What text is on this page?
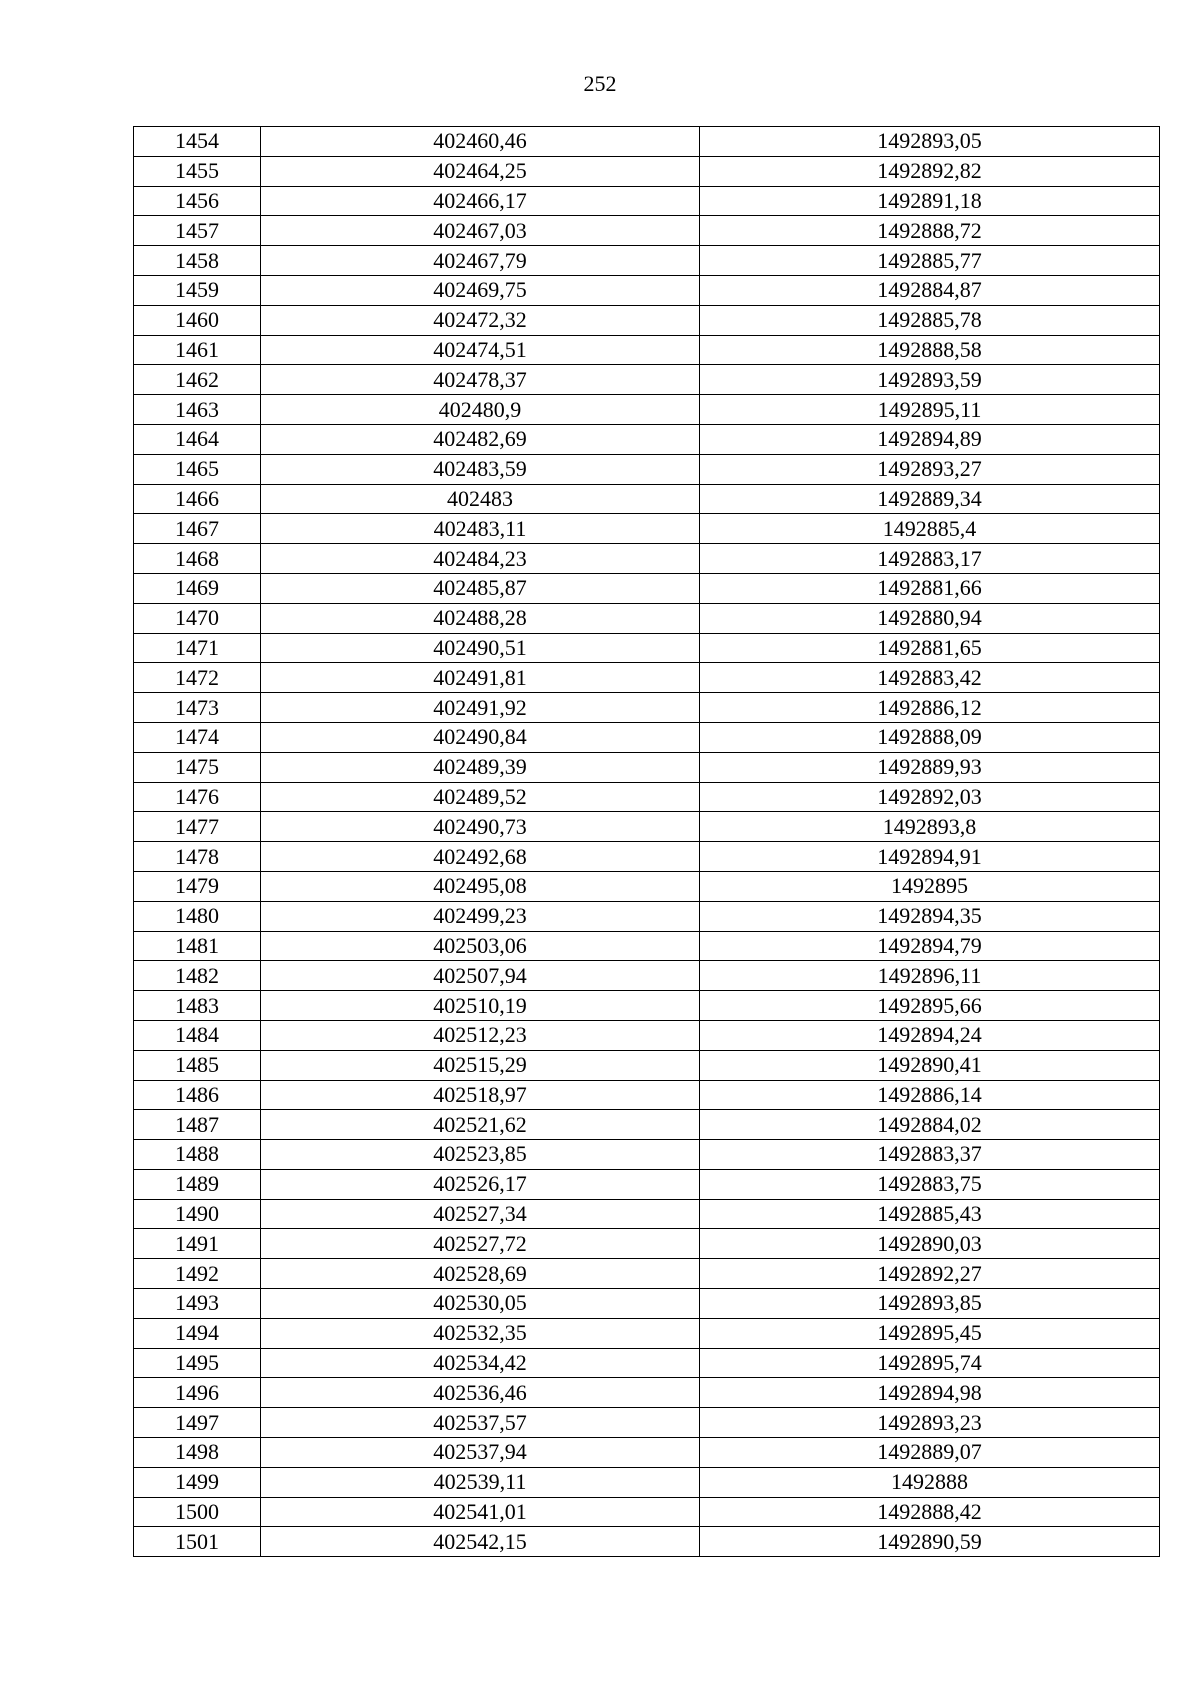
252
1454	402460,46	1492893,05
1455	402464,25	1492892,82
1456	402466,17	1492891,18
1457	402467,03	1492888,72
1458	402467,79	1492885,77
1459	402469,75	1492884,87
1460	402472,32	1492885,78
1461	402474,51	1492888,58
1462	402478,37	1492893,59
1463	402480,9	1492895,11
1464	402482,69	1492894,89
1465	402483,59	1492893,27
1466	402483	1492889,34
1467	402483,11	1492885,4
1468	402484,23	1492883,17
1469	402485,87	1492881,66
1470	402488,28	1492880,94
1471	402490,51	1492881,65
1472	402491,81	1492883,42
1473	402491,92	1492886,12
1474	402490,84	1492888,09
1475	402489,39	1492889,93
1476	402489,52	1492892,03
1477	402490,73	1492893,8
1478	402492,68	1492894,91
1479	402495,08	1492895
1480	402499,23	1492894,35
1481	402503,06	1492894,79
1482	402507,94	1492896,11
1483	402510,19	1492895,66
1484	402512,23	1492894,24
1485	402515,29	1492890,41
1486	402518,97	1492886,14
1487	402521,62	1492884,02
1488	402523,85	1492883,37
1489	402526,17	1492883,75
1490	402527,34	1492885,43
1491	402527,72	1492890,03
1492	402528,69	1492892,27
1493	402530,05	1492893,85
1494	402532,35	1492895,45
1495	402534,42	1492895,74
1496	402536,46	1492894,98
1497	402537,57	1492893,23
1498	402537,94	1492889,07
1499	402539,11	1492888
1500	402541,01	1492888,42
1501	402542,15	1492890,59
